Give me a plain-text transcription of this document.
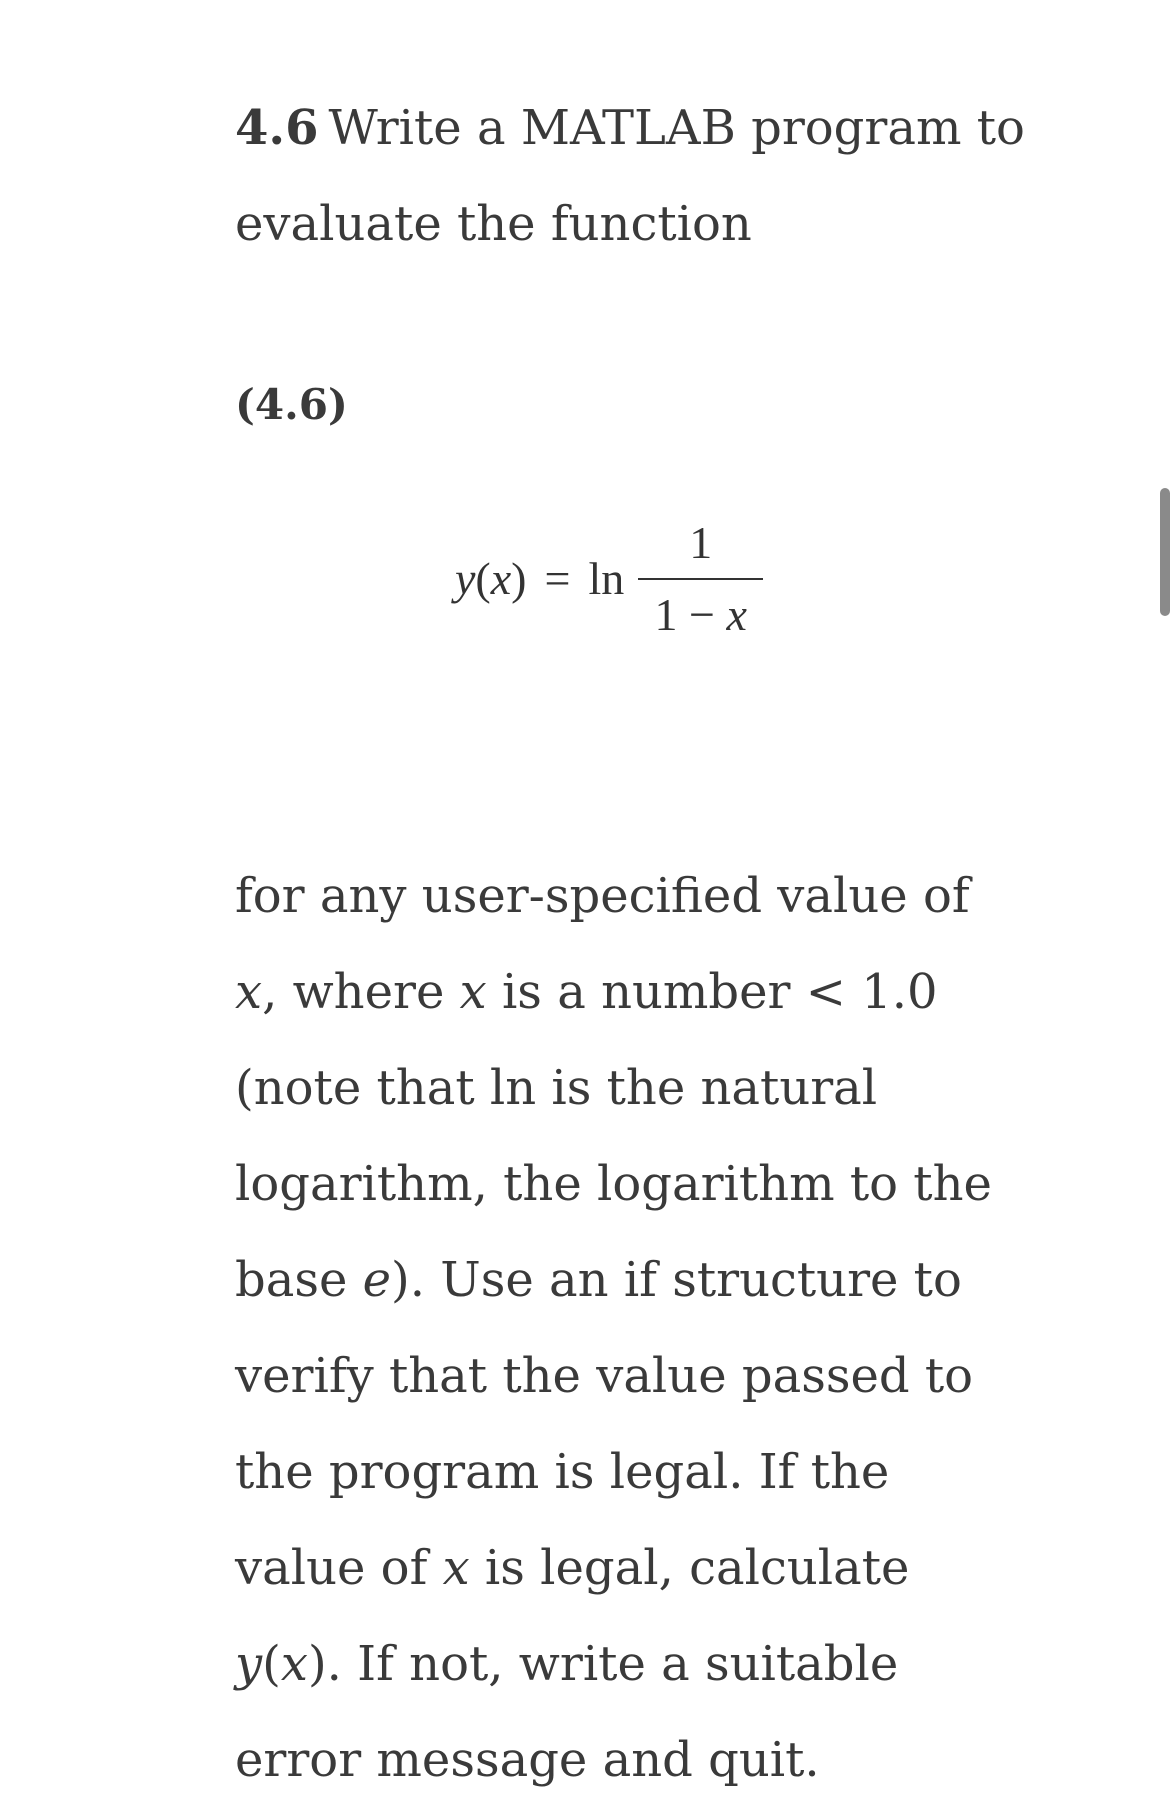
4.6 Write a MATLAB program to evaluate the function

(4.6)
$y(x) = \ln \frac{1}{1 - x}$

for any user-specified value of x, where x is a number < 1.0 (note that ln is the natural logarithm, the logarithm to the base e). Use an if structure to verify that the value passed to the program is legal. If the value of x is legal, calculate y(x). If not, write a suitable error message and quit.
